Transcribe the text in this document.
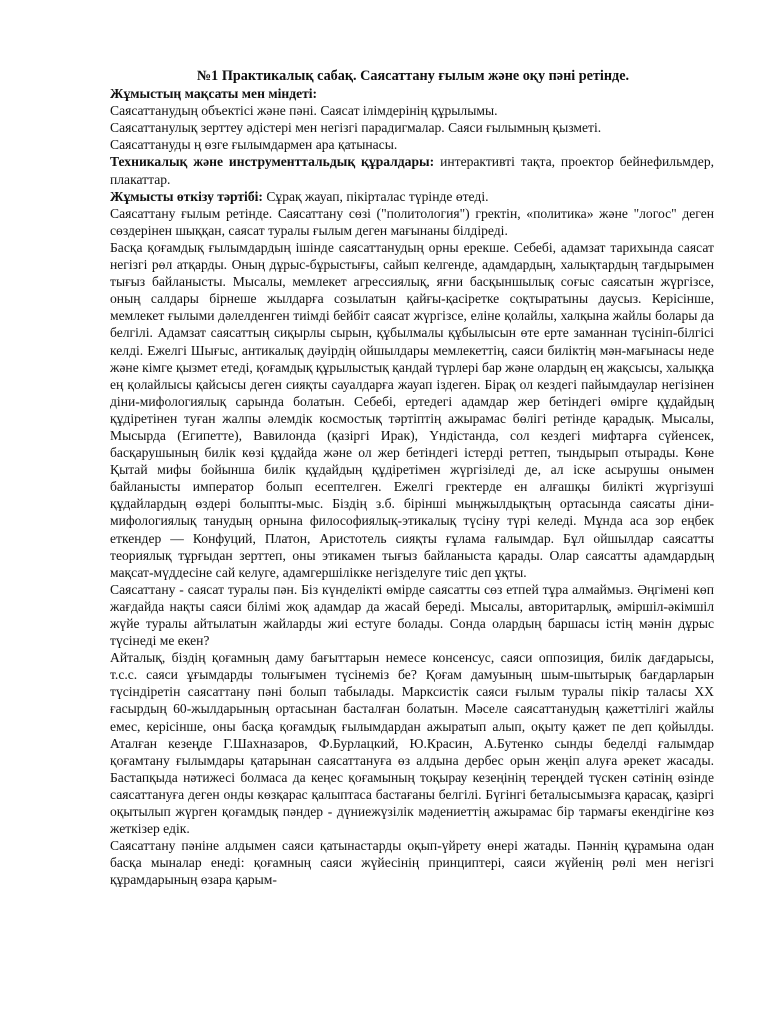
№1 Практикалық сабақ. Саясаттану ғылым және оқу пәні ретінде.

Жұмыстың мақсаты мен міндеті:

Саясаттанудың объектісі және пәні. Саясат ілімдерінің құрылымы.

Саясаттанулық зерттеу әдістері мен негізгі парадигмалар. Саяси ғылымның қызметі.

Саясаттануды ң өзге ғылымдармен ара қатынасы.

Техникалық және инструменттальдық құралдары: интерактивті тақта, проектор бейнефильмдер, плакаттар.

Жұмысты өткізу тәртібі: Сұрақ жауап, пікірталас түрінде өтеді.

Саясаттану ғылым ретінде. Саясаттану сөзі ("политология") гректін, «политика» және "логос" деген сөздерінен шыққан, саясат туралы ғылым деген мағынаны білдіреді.

Басқа қоғамдық ғылымдардың ішінде саясаттанудың орны ерекше. Себебі, адамзат тарихында саясат негізгі рөл атқарды. Оның дұрыс-бұрыстығы, сайып келгенде, адамдардың, халықтардың тағдырымен тығыз байланысты. Мысалы, мемлекет агрессиялық, яғни басқыншылық соғыс саясатын жүргізсе, оның салдары бірнеше жылдарға созылатын қайғы-қасіретке соқтыратыны даусыз. Керісінше, мемлекет ғылыми дәлелденген тиімді бейбіт саясат жүргізсе, еліне қолайлы, халқына жайлы болары да белгілі. Адамзат саясаттың сиқырлы сырын, құбылмалы құбылысын өте ерте заманнан түсініп-білгісі келді. Ежелгі Шығыс, антикалық дәуірдің ойшылдары мемлекеттің, саяси биліктің мән-мағынасы неде және кімге қызмет етеді, қоғамдық құрылыстық қандай түрлері бар және олардың ең жақсысы, халыққа ең қолайлысы қайсысы деген сияқты сауалдарға жауап іздеген. Бірақ ол кездегі пайымдаулар негізінен діни-мифологиялық сарында болатын. Себебі, ертедегі адамдар жер бетіндегі өмірге құдайдың құдіретінен туған жалпы әлемдік космостық тәртіптің ажырамас бөлігі ретінде қарадық. Мысалы, Мысырда (Египетте), Вавилонда (қазіргі Ирак), Үндістанда, сол кездегі мифтарға сүйенсек, басқарушының билік көзі құдайда және ол жер бетіндегі істерді реттеп, тындырып отырады. Көне Қытай мифы бойынша билік құдайдың құдіретімен жүргізіледі де, ал іске асырушы онымен байланысты император болып есептелген. Ежелгі гректерде ен алғашқы билікті жүргізуші құдайлардың өздері болыпты-мыс. Біздің з.б. бірінші мыңжылдықтың ортасында саясаты діни-мифологиялық танудың орнына философиялық-этикалық түсіну түрі келеді. Мұнда аса зор еңбек еткендер — Конфуций, Платон, Аристотель сияқты ғұлама ғалымдар. Бұл ойшылдар саясатты теориялық тұрғыдан зерттеп, оны этикамен тығыз байланыста қарады. Олар саясатты адамдардың мақсат-мүддесіне сай келуге, адамгершілікке негізделуге тиіс деп ұқты.

Саясаттану - саясат туралы пән. Біз күнделікті өмірде саясатты сөз етпей тұра алмаймыз. Әңгімені көп жағдайда нақты саяси білімі жоқ адамдар да жасай береді. Мысалы, авторитарлық, әміршіл-әкімшіл жүйе туралы айтылатын жайларды жиі естуге болады. Сонда олардың баршасы істің мәнін дұрыс түсінеді ме екен?

Айталық, біздің қоғамның даму бағыттарын немесе консенсус, саяси оппозиция, билік дағдарысы, т.с.с. саяси ұғымдарды толығымен түсінеміз бе? Қоғам дамуының шым-шытырық бағдарларын түсіндіретін саясаттану пәні болып табылады. Марксистік саяси ғылым туралы пікір таласы XX ғасырдың 60-жылдарының ортасынан басталған болатын. Мәселе саясаттанудың қажеттілігі жайлы емес, керісінше, оны басқа қоғамдық ғылымдардан ажыратып алып, оқыту қажет пе деп қойылды. Аталған кезеңде Г.Шахназаров, Ф.Бурлацкий, Ю.Красин, А.Бутенко сынды беделді ғалымдар қоғамтану ғылымдары қатарынан саясаттануға өз алдына дербес орын жеңіп алуға әрекет жасады. Бастапқыда нәтижесі болмаса да кеңес қоғамының тоқырау кезеңінің тереңдей түскен сәтінің өзінде саясаттануға деген онды көзқарас қалыптаса бастағаны белгілі. Бүгінгі беталысымызға қарасақ, қазіргі оқытылып жүрген қоғамдық пәндер - дүниежүзілік мәдениеттің ажырамас бір тармағы екендігіне көз жеткізер едік.

Саясаттану пәніне алдымен саяси қатынастарды оқып-үйрету өнері жатады. Пәннің құрамына одан басқа мыналар енеді: қоғамның саяси жүйесінің принциптері, саяси жүйенің рөлі мен негізгі құрамдарының өзара қарым-
